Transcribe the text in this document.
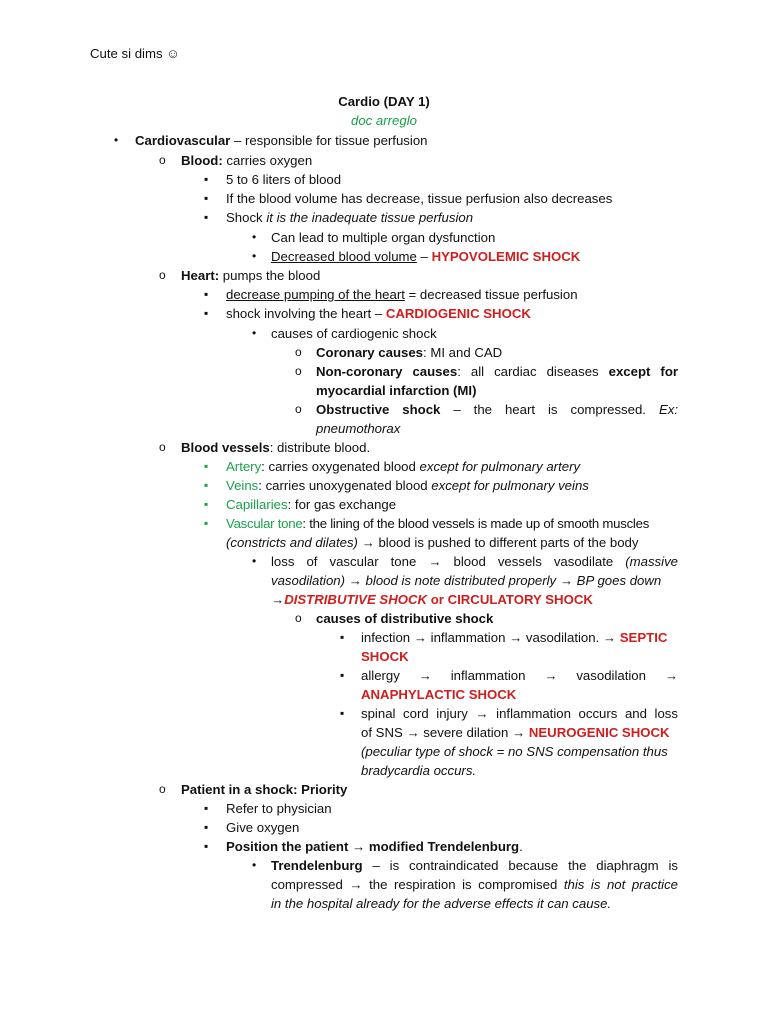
Cute si dims ☺
Cardio (DAY 1)
doc arreglo
• Cardiovascular – responsible for tissue perfusion
o Blood: carries oxygen
▪ 5 to 6 liters of blood
▪ If the blood volume has decrease, tissue perfusion also decreases
▪ Shock it is the inadequate tissue perfusion
• Can lead to multiple organ dysfunction
• Decreased blood volume – HYPOVOLEMIC SHOCK
o Heart: pumps the blood
▪ decrease pumping of the heart = decreased tissue perfusion
▪ shock involving the heart – CARDIOGENIC SHOCK
• causes of cardiogenic shock
o Coronary causes: MI and CAD
o Non-coronary causes: all cardiac diseases except for
myocardial infarction (MI)
o Obstructive shock – the heart is compressed. Ex:
pneumothorax
o Blood vessels: distribute blood.
▪ Artery: carries oxygenated blood except for pulmonary artery
▪ Veins: carries unoxygenated blood except for pulmonary veins
▪ Capillaries: for gas exchange
▪ Vascular tone: the lining of the blood vessels is made up of smooth muscles
(constricts and dilates) → blood is pushed to different parts of the body
• loss of vascular tone → blood vessels vasodilate (massive
vasodilation) → blood is note distributed properly → BP goes down
→DISTRIBUTIVE SHOCK or CIRCULATORY SHOCK
o causes of distributive shock
▪ infection → inflammation → vasodilation. → SEPTIC
SHOCK
▪ allergy → inflammation → vasodilation →
ANAPHYLACTIC SHOCK
▪ spinal cord injury → inflammation occurs and loss
of SNS → severe dilation → NEUROGENIC SHOCK
(peculiar type of shock = no SNS compensation thus
bradycardia occurs.
o Patient in a shock: Priority
▪ Refer to physician
▪ Give oxygen
▪ Position the patient → modified Trendelenburg.
• Trendelenburg – is contraindicated because the diaphragm is
compressed → the respiration is compromised this is not practice
in the hospital already for the adverse effects it can cause.
